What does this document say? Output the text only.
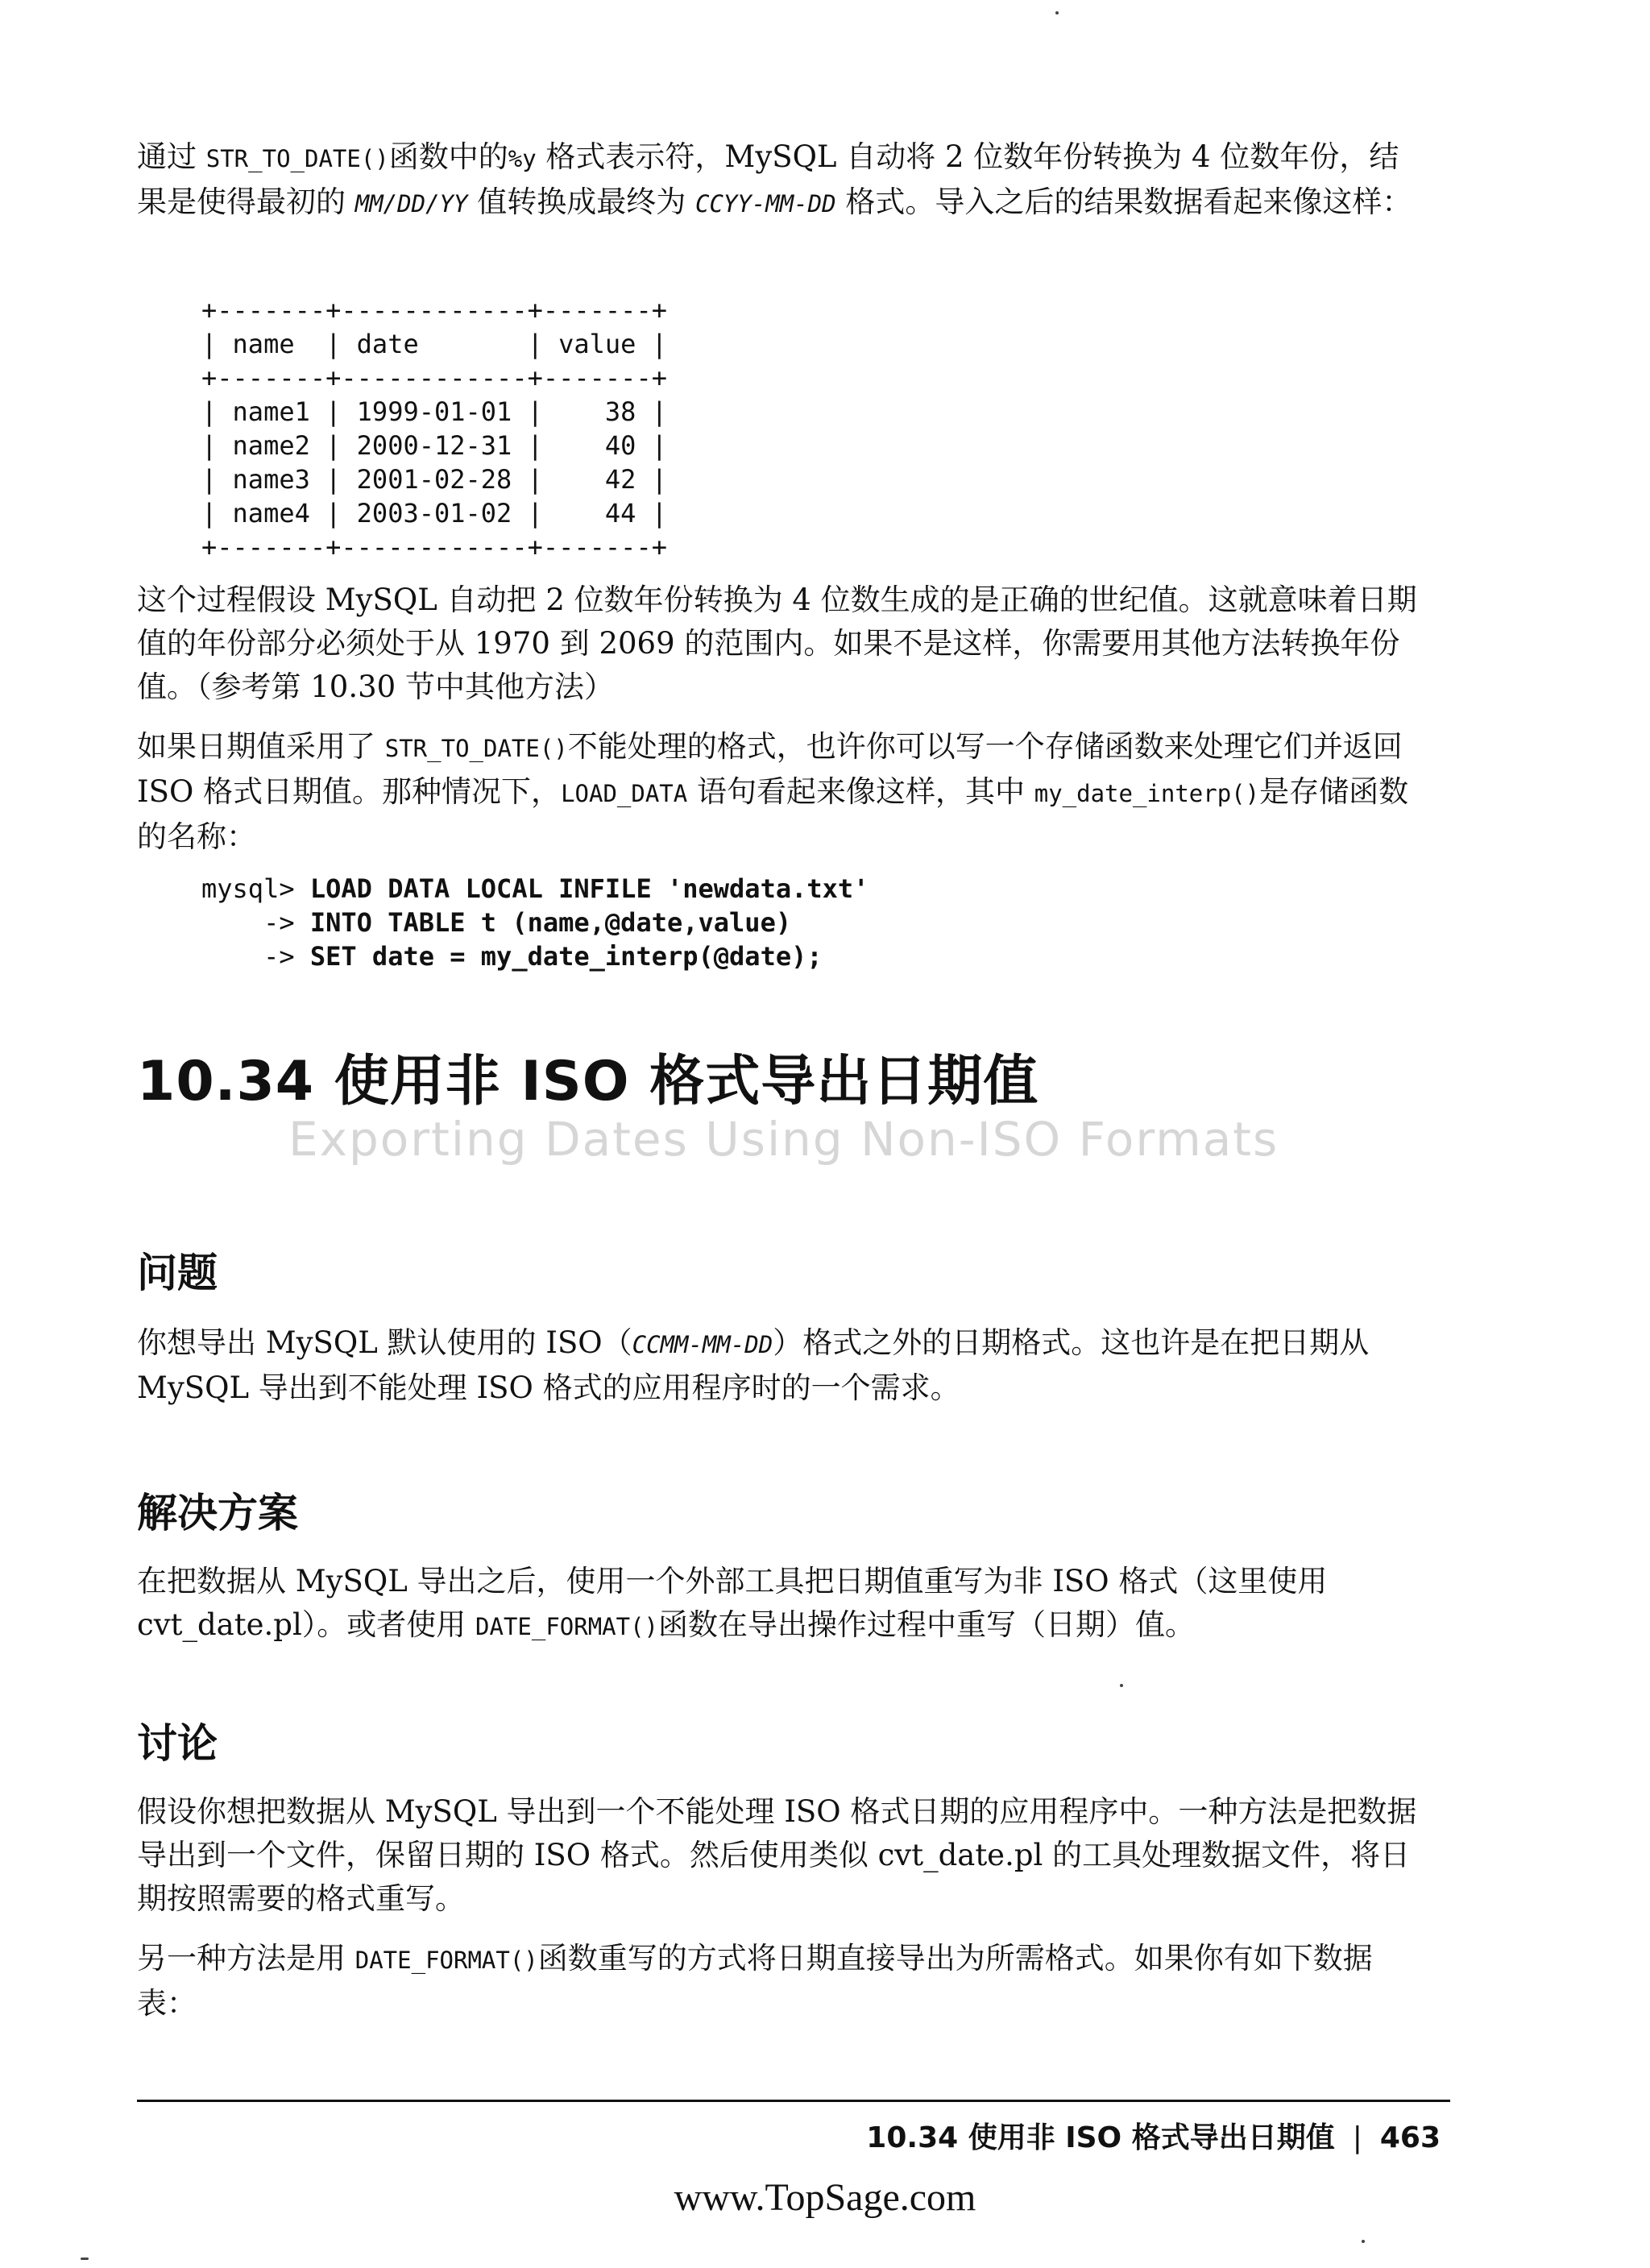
通过 STR_TO_DATE()函数中的%y 格式表示符，MySQL 自动将 2 位数年份转换为 4 位数年份，结果是使得最初的 MM/DD/YY 值转换成最终为 CCYY-MM-DD 格式。导入之后的结果数据看起来像这样：

+-------+------------+-------+
| name  | date       | value |
+-------+------------+-------+
| name1 | 1999-01-01 |    38 |
| name2 | 2000-12-31 |    40 |
| name3 | 2001-02-28 |    42 |
| name4 | 2003-01-02 |    44 |
+-------+------------+-------+

这个过程假设 MySQL 自动把 2 位数年份转换为 4 位数生成的是正确的世纪值。这就意味着日期值的年份部分必须处于从 1970 到 2069 的范围内。如果不是这样，你需要用其他方法转换年份值。（参考第 10.30 节中其他方法）

如果日期值采用了 STR_TO_DATE()不能处理的格式，也许你可以写一个存储函数来处理它们并返回 ISO 格式日期值。那种情况下，LOAD_DATA 语句看起来像这样，其中 my_date_interp()是存储函数的名称：

mysql> LOAD DATA LOCAL INFILE 'newdata.txt'
-> INTO TABLE t (name,@date,value)
-> SET date = my_date_interp(@date);
10.34 使用非 ISO 格式导出日期值
Exporting Dates Using Non-ISO Formats
问题

你想导出 MySQL 默认使用的 ISO（CCMM-MM-DD）格式之外的日期格式。这也许是在把日期从 MySQL 导出到不能处理 ISO 格式的应用程序时的一个需求。

解决方案

在把数据从 MySQL 导出之后，使用一个外部工具把日期值重写为非 ISO 格式（这里使用 cvt_date.pl）。或者使用 DATE_FORMAT()函数在导出操作过程中重写（日期）值。

讨论

假设你想把数据从 MySQL 导出到一个不能处理 ISO 格式日期的应用程序中。一种方法是把数据导出到一个文件，保留日期的 ISO 格式。然后使用类似 cvt_date.pl 的工具处理数据文件，将日期按照需要的格式重写。

另一种方法是用 DATE_FORMAT()函数重写的方式将日期直接导出为所需格式。如果你有如下数据表：

10.34 使用非 ISO 格式导出日期值 | 463
www.TopSage.com
